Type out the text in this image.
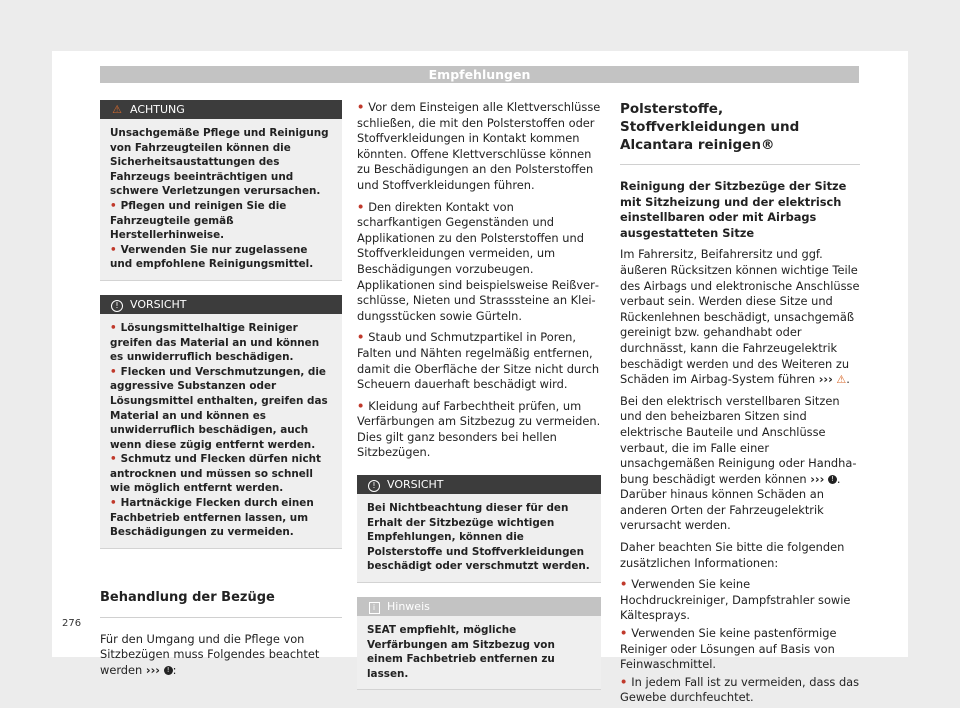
Empfehlungen
⚠ ACHTUNG

Unsachgemäße Pflege und Reinigung von Fahrzeugteilen können die Sicherheitsaustattungen des Fahrzeugs beeinträchtigen und schwere Verletzungen verursachen.

• Pflegen und reinigen Sie die Fahrzeugteile gemäß Herstellerhinweise.

• Verwenden Sie nur zugelassene und empfohlene Reinigungsmittel.

! VORSICHT

• Lösungsmittelhaltige Reiniger greifen das Material an und können es unwiderruflich beschädigen.

• Flecken und Verschmutzungen, die aggressive Substanzen oder Lösungsmittel enthalten, greifen das Material an und können es unwiderruflich beschädigen, auch wenn diese zügig entfernt werden.

• Schmutz und Flecken dürfen nicht antrocknen und müssen so schnell wie möglich entfernt werden.

• Hartnäckige Flecken durch einen Fachbetrieb entfernen lassen, um Beschädigungen zu vermeiden.

Behandlung der Bezüge

Für den Umgang und die Pflege von Sitzbezügen muss Folgendes beachtet werden ››› ! :

• Vor dem Einsteigen alle Klettverschlüsse schließen, die mit den Polsterstoffen oder Stoffverkleidungen in Kontakt kommen könnten. Offene Klettverschlüsse können zu Beschädigungen an den Polsterstoffen und Stoffverkleidungen führen.

• Den direkten Kontakt von scharfkantigen Gegenständen und Applikationen zu den Polsterstoffen und Stoffverkleidungen vermeiden, um Beschädigungen vorzubeugen. Applikationen sind beispielsweise Reißverschlüsse, Nieten und Strasssteine an Kleidungsstücken sowie Gürteln.

• Staub und Schmutzpartikel in Poren, Falten und Nähten regelmäßig entfernen, damit die Oberfläche der Sitze nicht durch Scheuern dauerhaft beschädigt wird.

• Kleidung auf Farbechtheit prüfen, um Verfärbungen am Sitzbezug zu vermeiden. Dies gilt ganz besonders bei hellen Sitzbezügen.

! VORSICHT

Bei Nichtbeachtung dieser für den Erhalt der Sitzbezüge wichtigen Empfehlungen, können die Polsterstoffe und Stoffverkleidungen beschädigt oder verschmutzt werden.

i Hinweis

SEAT empfiehlt, mögliche Verfärbungen am Sitzbezug von einem Fachbetrieb entfernen zu lassen.

Polsterstoffe, Stoffverkleidungen und Alcantara reinigen®

Reinigung der Sitzbezüge der Sitze mit Sitzheizung und der elektrisch einstellbaren oder mit Airbags ausgestatteten Sitze

Im Fahrersitz, Beifahrersitz und ggf. äußeren Rücksitzen können wichtige Teile des Airbags und elektronische Anschlüsse verbaut sein. Werden diese Sitze und Rückenlehnen beschädigt, unsachgemäß gereinigt bzw. gehandhabt oder durchnässt, kann die Fahrzeugelektrik beschädigt werden und des Weiteren zu Schäden im Airbag-System führen ››› ⚠.

Bei den elektrisch verstellbaren Sitzen und den beheizbaren Sitzen sind elektrische Bauteile und Anschlüsse verbaut, die im Falle einer unsachgemäßen Reinigung oder Handhabung beschädigt werden können ››› ! . Darüber hinaus können Schäden an anderen Orten der Fahrzeugelektrik verursacht werden.

Daher beachten Sie bitte die folgenden zusätzlichen Informationen:

• Verwenden Sie keine Hochdruckreiniger, Dampfstrahler sowie Kältesprays.

• Verwenden Sie keine pastenförmige Reiniger oder Lösungen auf Basis von Feinwaschmittel.

• In jedem Fall ist zu vermeiden, dass das Gewebe durchfeuchtet.

276
